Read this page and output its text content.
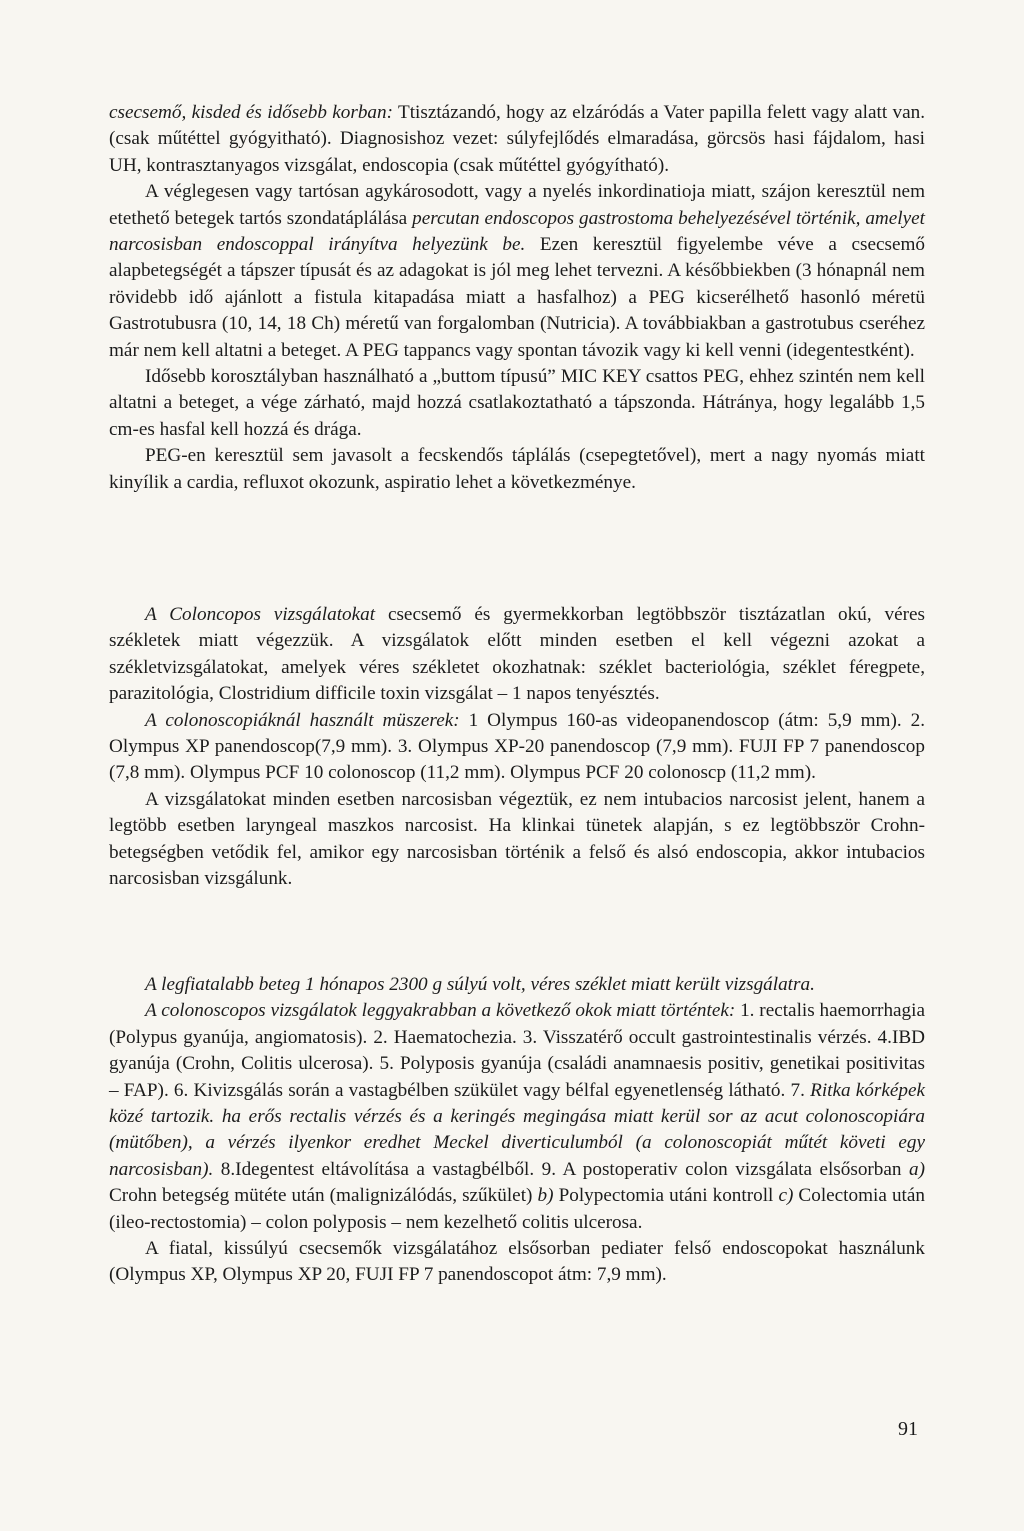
csecsemő, kisded és idősebb korban: Ttisztázandó, hogy az elzáródás a Vater papilla felett vagy alatt van. (csak műtéttel gyógyitható). Diagnosishoz vezet: súlyfejlődés elmaradása, görcsös hasi fájdalom, hasi UH, kontrasztanyagos vizsgálat, endoscopia (csak műtéttel gyógyítható).

A véglegesen vagy tartósan agykárosodott, vagy a nyelés inkordinatioja miatt, szájon keresztül nem etethető betegek tartós szondatáplálása percutan endoscopos gastrostoma behelyezésével történik, amelyet narcosisban endoscoppal irányítva helyezünk be. Ezen keresztül figyelembe véve a csecsemő alapbetegségét a tápszer típusát és az adagokat is jól meg lehet tervezni. A későbbiekben (3 hónapnál nem rövidebb idő ajánlott a fistula kitapadása miatt a hasfalhoz) a PEG kicserélhető hasonló méretü Gastrotubusra (10, 14, 18 Ch) méretű van forgalomban (Nutricia). A továbbiakban a gastrotubus cseréhez már nem kell altatni a beteget. A PEG tappancs vagy spontan távozik vagy ki kell venni (idegentestként).

Idősebb korosztályban használható a „buttom típusú” MIC KEY csattos PEG, ehhez szintén nem kell altatni a beteget, a vége zárható, majd hozzá csatlakoztatható a tápszonda. Hátránya, hogy legalább 1,5 cm-es hasfal kell hozzá és drága.

PEG-en keresztül sem javasolt a fecskendős táplálás (csepegtetővel), mert a nagy nyomás miatt kinyílik a cardia, refluxot okozunk, aspiratio lehet a következménye.

A Coloncopos vizsgálatokat csecsemő és gyermekkorban legtöbbször tisztázatlan okú, véres székletek miatt végezzük. A vizsgálatok előtt minden esetben el kell végezni azokat a székletvizsgálatokat, amelyek véres székletet okozhatnak: széklet bacteriológia, széklet féregpete, parazitológia, Clostridium difficile toxin vizsgálat – 1 napos tenyésztés.

A colonoscopiáknál használt müszerek: 1 Olympus 160-as videopanendoscop (átm: 5,9 mm). 2. Olympus XP panendoscop(7,9 mm). 3. Olympus XP-20 panendoscop (7,9 mm). FUJI FP 7 panendoscop (7,8 mm). Olympus PCF 10 colonoscop (11,2 mm). Olympus PCF 20 colonoscp (11,2 mm).

A vizsgálatokat minden esetben narcosisban végeztük, ez nem intubacios narcosist jelent, hanem a legtöbb esetben laryngeal maszkos narcosist. Ha klinkai tünetek alapján, s ez legtöbbször Crohn-betegségben vetődik fel, amikor egy narcosisban történik a felső és alsó endoscopia, akkor intubacios narcosisban vizsgálunk.

A legfiatalabb beteg 1 hónapos 2300 g súlyú volt, véres széklet miatt került vizsgálatra.

A colonoscopos vizsgálatok leggyakrabban a következő okok miatt történtek: 1. rectalis haemorrhagia (Polypus gyanúja, angiomatosis). 2. Haematochezia. 3. Visszatérő occult gastrointestinalis vérzés. 4.IBD gyanúja (Crohn, Colitis ulcerosa). 5. Polyposis gyanúja (családi anamnaesis positiv, genetikai positivitas – FAP). 6. Kivizsgálás során a vastagbélben szükület vagy bélfal egyenetlenség látható. 7. Ritka kórképek közé tartozik. ha erős rectalis vérzés és a keringés megingása miatt kerül sor az acut colonoscopiára (mütőben), a vérzés ilyenkor eredhet Meckel diverticulumból (a colonoscopiát műtét követi egy narcosisban). 8.Idegentest eltávolítása a vastagbélből. 9. A postoperativ colon vizsgálata elsősorban a) Crohn betegség mütéte után (malignizálódás, szűkület) b) Polypectomia utáni kontroll c) Colectomia után (ileo-rectostomia) – colon polyposis – nem kezelhető colitis ulcerosa.

A fiatal, kissúlyú csecsemők vizsgálatához elsősorban pediater felső endoscopokat használunk (Olympus XP, Olympus XP 20, FUJI FP 7 panendoscopot átm: 7,9 mm).

91
